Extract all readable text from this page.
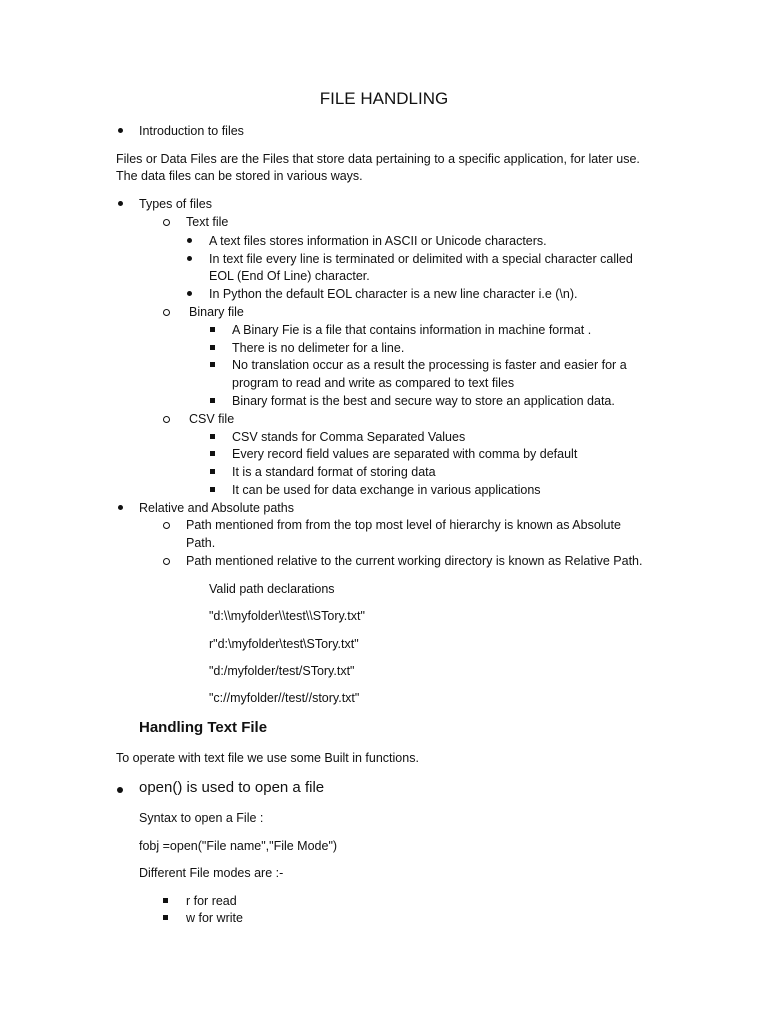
FILE HANDLING
Introduction to files
Files or Data Files are the Files that store data pertaining to a specific application, for later use.
The data files can be stored in various ways.
Types of files
Text file
A text files stores information in ASCII or Unicode characters.
In text file every line is terminated or delimited with a special character called
EOL (End Of Line) character.
In Python the default EOL character is a new line character i.e (\n).
Binary file
A Binary Fie is a file that contains information in machine format .
There is no delimeter for a line.
No translation occur as a result the processing is faster and easier for a
program to read and write as compared to text files
Binary format is the best and secure way to store an application data.
CSV file
CSV stands for Comma Separated Values
Every record field values are separated with comma by default
It is a standard format of storing data
It can be used for data exchange in various applications
Relative and Absolute paths
Path mentioned from from the top most level of hierarchy is known as Absolute
Path.
Path mentioned relative to the current working directory is known as Relative Path.
Valid path declarations
"d:\\myfolder\\test\\STory.txt"
r"d:\myfolder\test\STory.txt"
"d:/myfolder/test/STory.txt"
"c://myfolder//test//story.txt"
Handling Text File
To operate with text file we use some Built in functions.
open() is used to open a file
Syntax to open a File :
fobj =open("File name","File Mode")
Different File modes are :-
r for read
w for write
